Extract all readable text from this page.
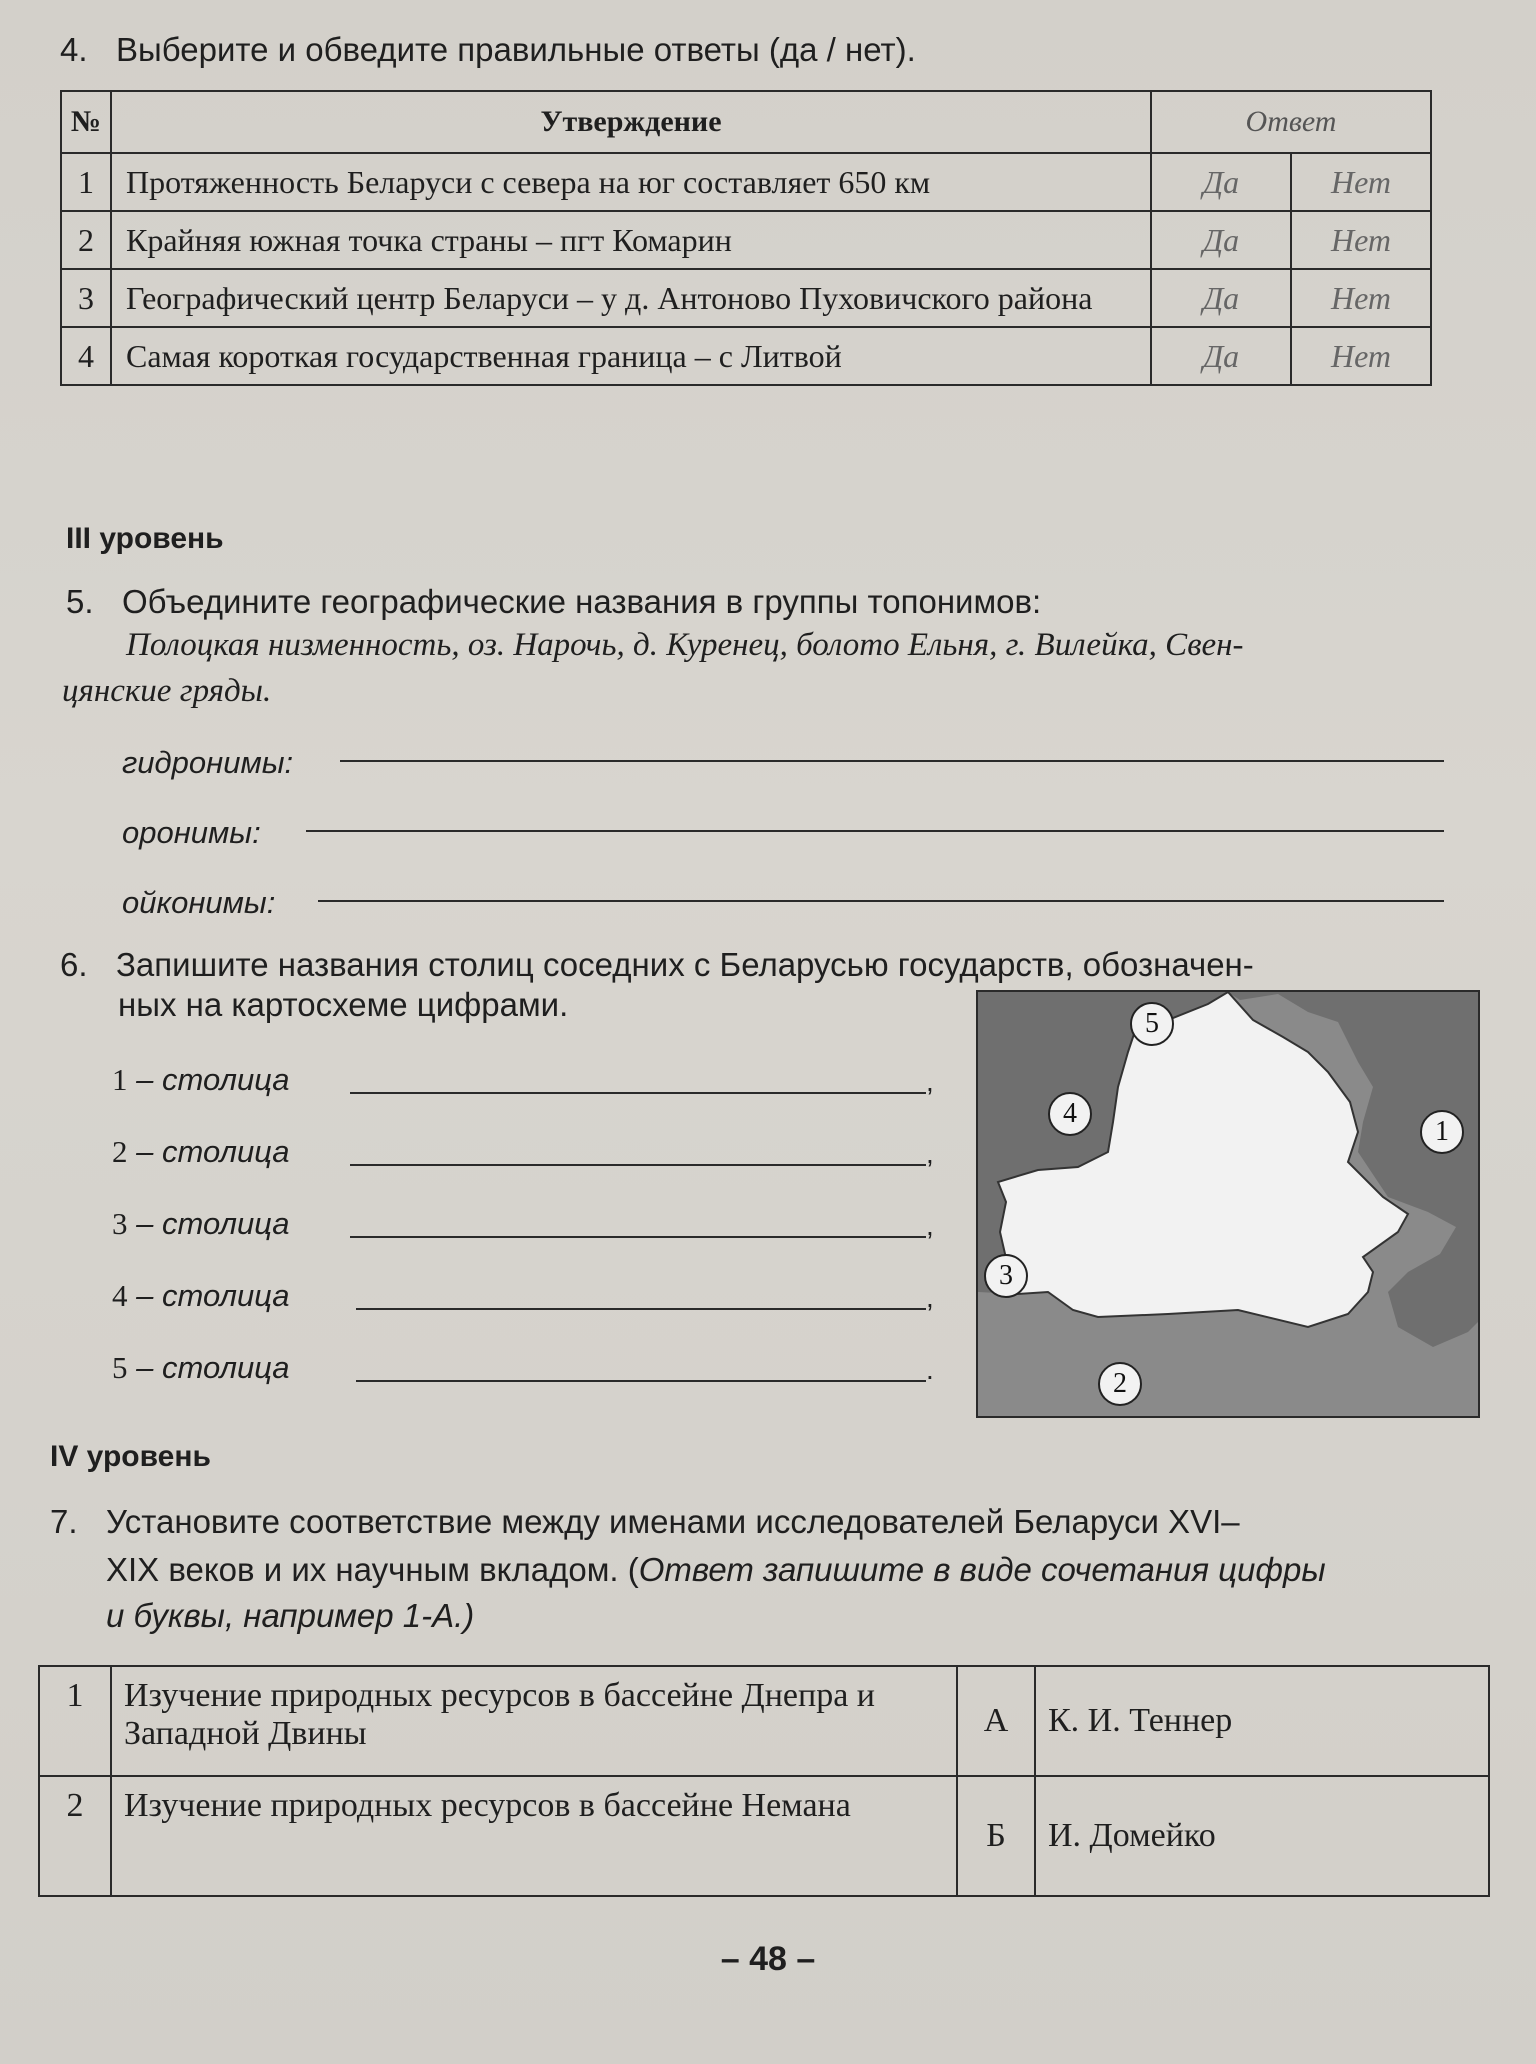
4. Выберите и обведите правильные ответы (да / нет).
№	Утверждение	Ответ	

1	Протяженность Беларуси с севера на юг составляет 650 км	Да	Нет
2	Крайняя южная точка страны – пгт Комарин	Да	Нет
3	Географический центр Беларуси – у д. Антоново Пуховичского района	Да	Нет
4	Самая короткая государственная граница – с Литвой	Да	Нет
III уровень
5. Объедините географические названия в группы топонимов:
Полоцкая низменность, оз. Нарочь, д. Куренец, болото Ельня, г. Вилейка, Свен-
цянские гряды.
гидронимы:
оронимы:
ойконимы:
6. Запишите названия столиц соседних с Беларусью государств, обозначен-
ных на картосхеме цифрами.
1 – столица	,
2 – столица	,
3 – столица	,
4 – столица	,
5 – столица	.
5
4
1
3
2
IV уровень
7. Установите соответствие между именами исследователей Беларуси XVI–
XIX веков и их научным вкладом. (Ответ запишите в виде сочетания цифры
и буквы, например 1-А.)
1	Изучение природных ресурсов в бассейне Днепра и Западной Двины	А	К. И. Теннер
2	Изучение природных ресурсов в бассейне Немана	Б	И. Домейко
– 48 –
